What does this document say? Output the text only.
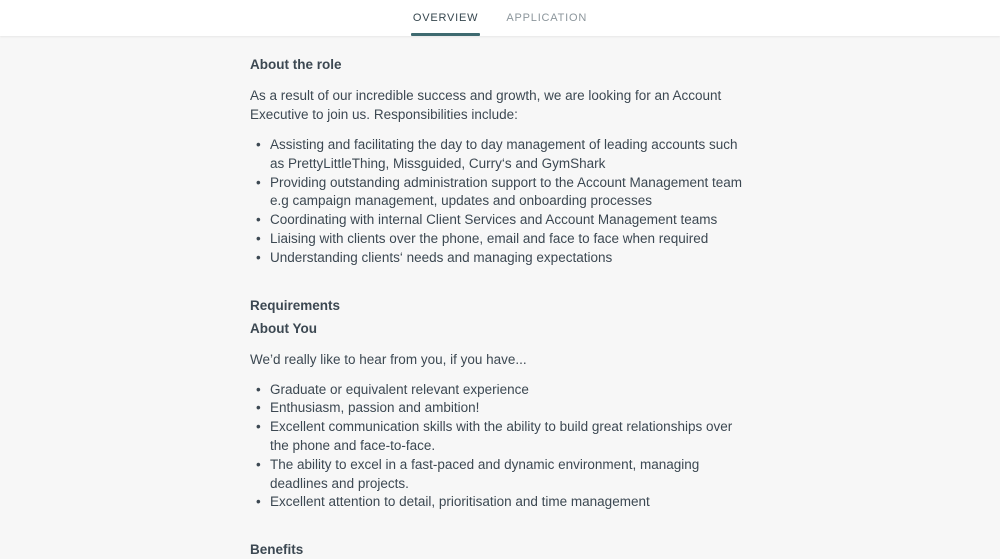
OVERVIEW	APPLICATION
About the role

As a result of our incredible success and growth, we are looking for an Account Executive to join us. Responsibilities include:

• Assisting and facilitating the day to day management of leading accounts such as PrettyLittleThing, Missguided, Curry‘s and GymShark
• Providing outstanding administration support to the Account Management team e.g campaign management, updates and onboarding processes
• Coordinating with internal Client Services and Account Management teams
• Liaising with clients over the phone, email and face to face when required
• Understanding clients‘ needs and managing expectations
Requirements
About You

We’d really like to hear from you, if you have...

• Graduate or equivalent relevant experience
• Enthusiasm, passion and ambition!
• Excellent communication skills with the ability to build great relationships over the phone and face-to-face.
• The ability to excel in a fast-paced and dynamic environment, managing deadlines and projects.
• Excellent attention to detail, prioritisation and time management
Benefits
